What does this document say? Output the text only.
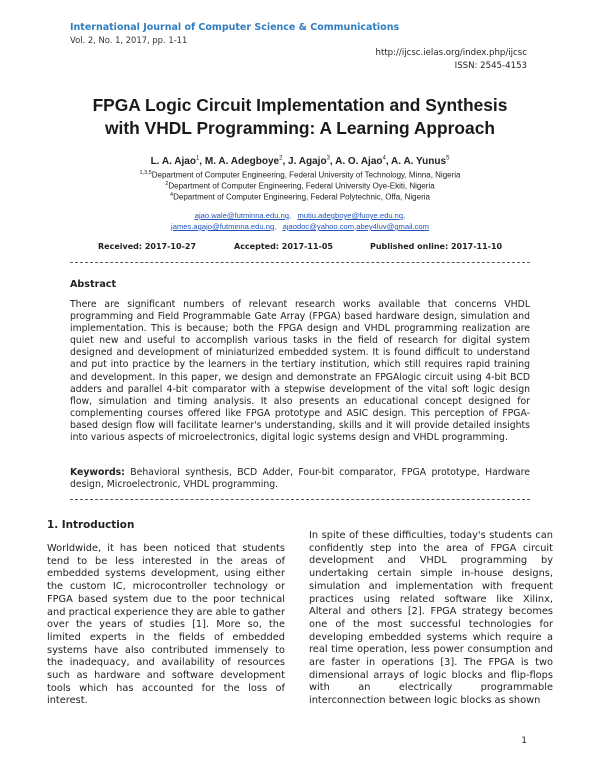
International Journal of Computer Science & Communications
Vol. 2, No. 1, 2017, pp. 1-11
http://ijcsc.ielas.org/index.php/ijcsc
ISSN: 2545-4153
FPGA Logic Circuit Implementation and Synthesis
with VHDL Programming: A Learning Approach
L. A. Ajao$^1$, M. A. Adegboye$^2$, J. Agajo$^3$, A. O. Ajao$^4$, A. A. Yunus$^5$
$^{1,3,5}$Department of Computer Engineering, Federal University of Technology, Minna, Nigeria
$^2$Department of Computer Engineering, Federal University Oye-Ekiti, Nigeria
$^4$Department of Computer Engineering, Federal Polytechnic, Offa, Nigeria
ajao.wale@futminna.edu.ng,   mutiu.adegboye@fuoye.edu.ng,
james.agajo@futminna.edu.ng,   ajaodoc@yahoo.com,abey4luv@gmail.com
Received: 2017-10-27	Accepted: 2017-11-05	Published online: 2017-11-10
Abstract
There are significant numbers of relevant research works available that concerns VHDL programming and Field Programmable Gate Array (FPGA) based hardware design, simulation and implementation. This is because; both the FPGA design and VHDL programming realization are quiet new and useful to accomplish various tasks in the field of research for digital system designed and development of miniaturized embedded system. It is found difficult to understand and put into practice by the learners in the tertiary institution, which still requires rapid training and development. In this paper, we design and demonstrate an FPGAlogic circuit using 4-bit BCD adders and parallel 4-bit comparator with a stepwise development of the vital soft logic design flow, simulation and timing analysis. It also presents an educational concept designed for complementing courses offered like FPGA prototype and ASIC design. This perception of FPGA-based design flow will facilitate learner's understanding, skills and it will provide detailed insights into various aspects of microelectronics, digital logic systems design and VHDL programming.
Keywords: Behavioral synthesis, BCD Adder, Four-bit comparator, FPGA prototype, Hardware design, Microelectronic, VHDL programming.
1. Introduction
Worldwide, it has been noticed that students tend to be less interested in the areas of embedded systems development, using either the custom IC, microcontroller technology or FPGA based system due to the poor technical and practical experience they are able to gather over the years of studies [1]. More so, the limited experts in the fields of embedded systems have also contributed immensely to the inadequacy, and availability of resources such as hardware and software development tools which has accounted for the loss of interest.
In spite of these difficulties, today's students can confidently step into the area of FPGA circuit development and VHDL programming by undertaking certain simple in-house designs, simulation and implementation with frequent practices using related software like Xilinx, Alteral and others [2]. FPGA strategy becomes one of the most successful technologies for developing embedded systems which require a real time operation, less power consumption and are faster in operations [3]. The FPGA is two dimensional arrays of logic blocks and flip-flops with an electrically programmable interconnection between logic blocks as shown
1
